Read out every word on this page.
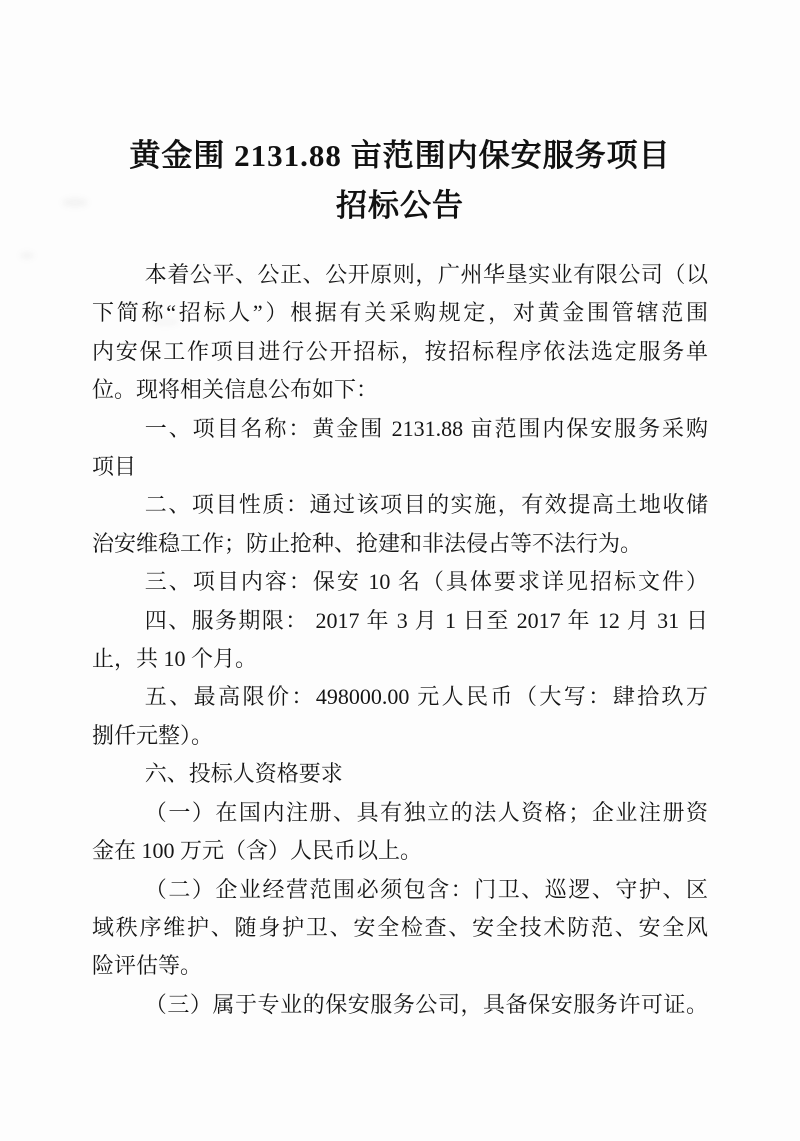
黄金围 2131.88 亩范围内保安服务项目
招标公告

本着公平、公正、公开原则，广州华垦实业有限公司（以

下简称“招标人”）根据有关采购规定，对黄金围管辖范围

内安保工作项目进行公开招标，按招标程序依法选定服务单

位。现将相关信息公布如下：

一、项目名称：黄金围 2131.88 亩范围内保安服务采购

项目

二、项目性质：通过该项目的实施，有效提高土地收储

治安维稳工作；防止抢种、抢建和非法侵占等不法行为。

三、项目内容：保安 10 名（具体要求详见招标文件）

四、服务期限： 2017 年 3 月 1 日至 2017 年 12 月 31 日

止，共 10 个月。

五、最高限价：498000.00 元人民币（大写：肆拾玖万

捌仟元整）。

六、投标人资格要求

（一）在国内注册、具有独立的法人资格；企业注册资

金在 100 万元（含）人民币以上。

（二）企业经营范围必须包含：门卫、巡逻、守护、区

域秩序维护、随身护卫、安全检查、安全技术防范、安全风

险评估等。

（三）属于专业的保安服务公司，具备保安服务许可证。
